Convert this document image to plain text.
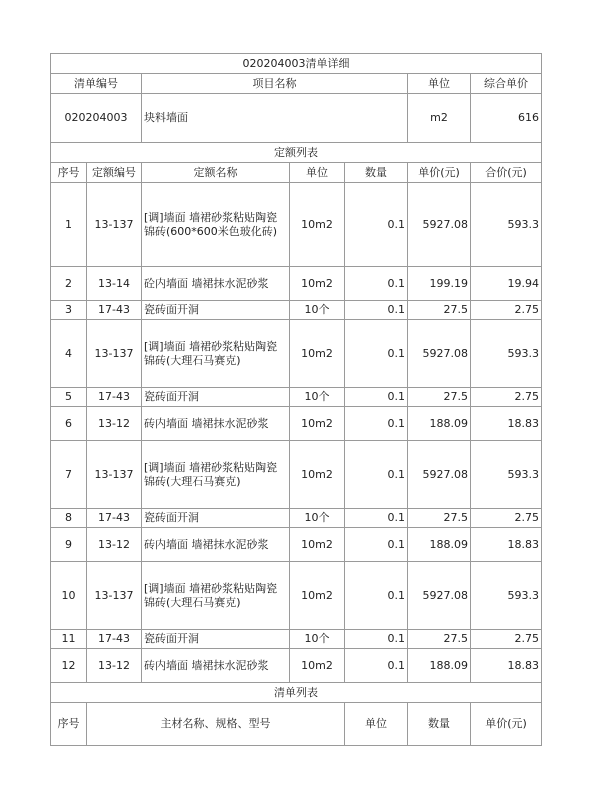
020204003清单详细							
清单编号		项目名称			单位	综合单价	
020204003		块料墙面			m2	616	
定额列表							
序号	定额编号	定额名称	单位	数量	单价(元)	合价(元)	
1	13-137	[调]墙面 墙裙砂浆粘贴陶瓷锦砖(600*600米色玻化砖)	10m2	0.1	5927.08	593.3	
2	13-14	砼内墙面 墙裙抹水泥砂浆	10m2	0.1	199.19	19.94	
3	17-43	瓷砖面开洞	10个	0.1	27.5	2.75	
4	13-137	[调]墙面 墙裙砂浆粘贴陶瓷锦砖(大理石马赛克)	10m2	0.1	5927.08	593.3	
5	17-43	瓷砖面开洞	10个	0.1	27.5	2.75	
6	13-12	砖内墙面 墙裙抹水泥砂浆	10m2	0.1	188.09	18.83	
7	13-137	[调]墙面 墙裙砂浆粘贴陶瓷锦砖(大理石马赛克)	10m2	0.1	5927.08	593.3	
8	17-43	瓷砖面开洞	10个	0.1	27.5	2.75	
9	13-12	砖内墙面 墙裙抹水泥砂浆	10m2	0.1	188.09	18.83	
10	13-137	[调]墙面 墙裙砂浆粘贴陶瓷锦砖(大理石马赛克)	10m2	0.1	5927.08	593.3	
11	17-43	瓷砖面开洞	10个	0.1	27.5	2.75	
12	13-12	砖内墙面 墙裙抹水泥砂浆	10m2	0.1	188.09	18.83	
清单列表							
序号	主材名称、规格、型号			单位	数量	单价(元)	
